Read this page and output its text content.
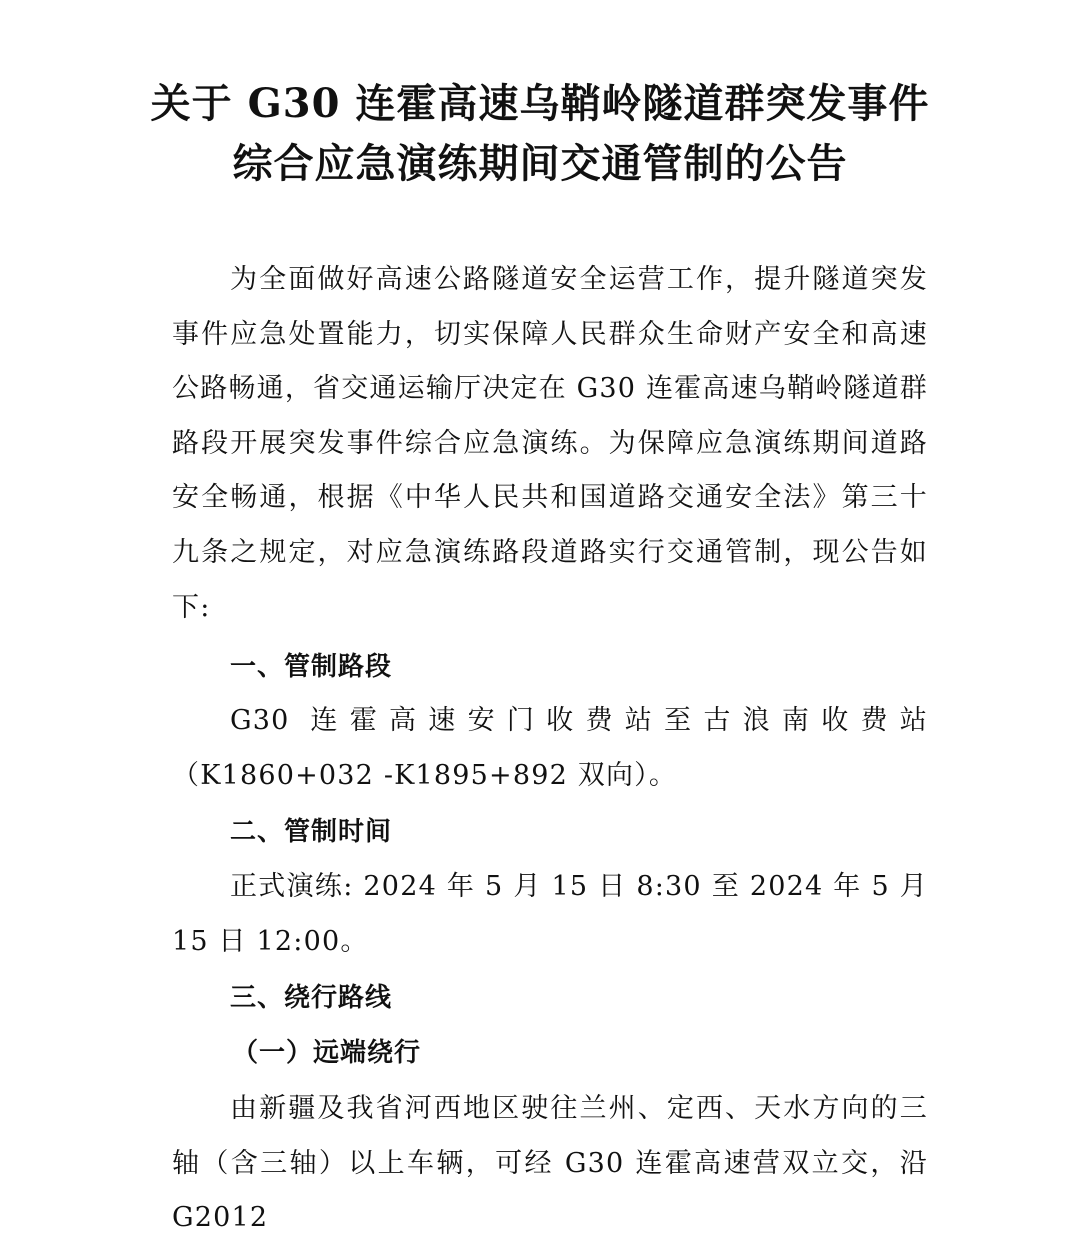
关于 G30 连霍高速乌鞘岭隧道群突发事件
综合应急演练期间交通管制的公告

为全面做好高速公路隧道安全运营工作，提升隧道突发事件应急处置能力，切实保障人民群众生命财产安全和高速公路畅通，省交通运输厅决定在 G30 连霍高速乌鞘岭隧道群路段开展突发事件综合应急演练。为保障应急演练期间道路安全畅通，根据《中华人民共和国道路交通安全法》第三十九条之规定，对应急演练路段道路实行交通管制，现公告如下:

一、管制路段

G30 连霍高速安门收费站至古浪南收费站（K1860+032 -K1895+892 双向）。

二、管制时间

正式演练: 2024 年 5 月 15 日 8:30 至 2024 年 5 月 15 日 12:00。

三、绕行路线
（一）远端绕行

由新疆及我省河西地区驶往兰州、定西、天水方向的三轴（含三轴）以上车辆，可经 G30 连霍高速营双立交，沿 G2012
